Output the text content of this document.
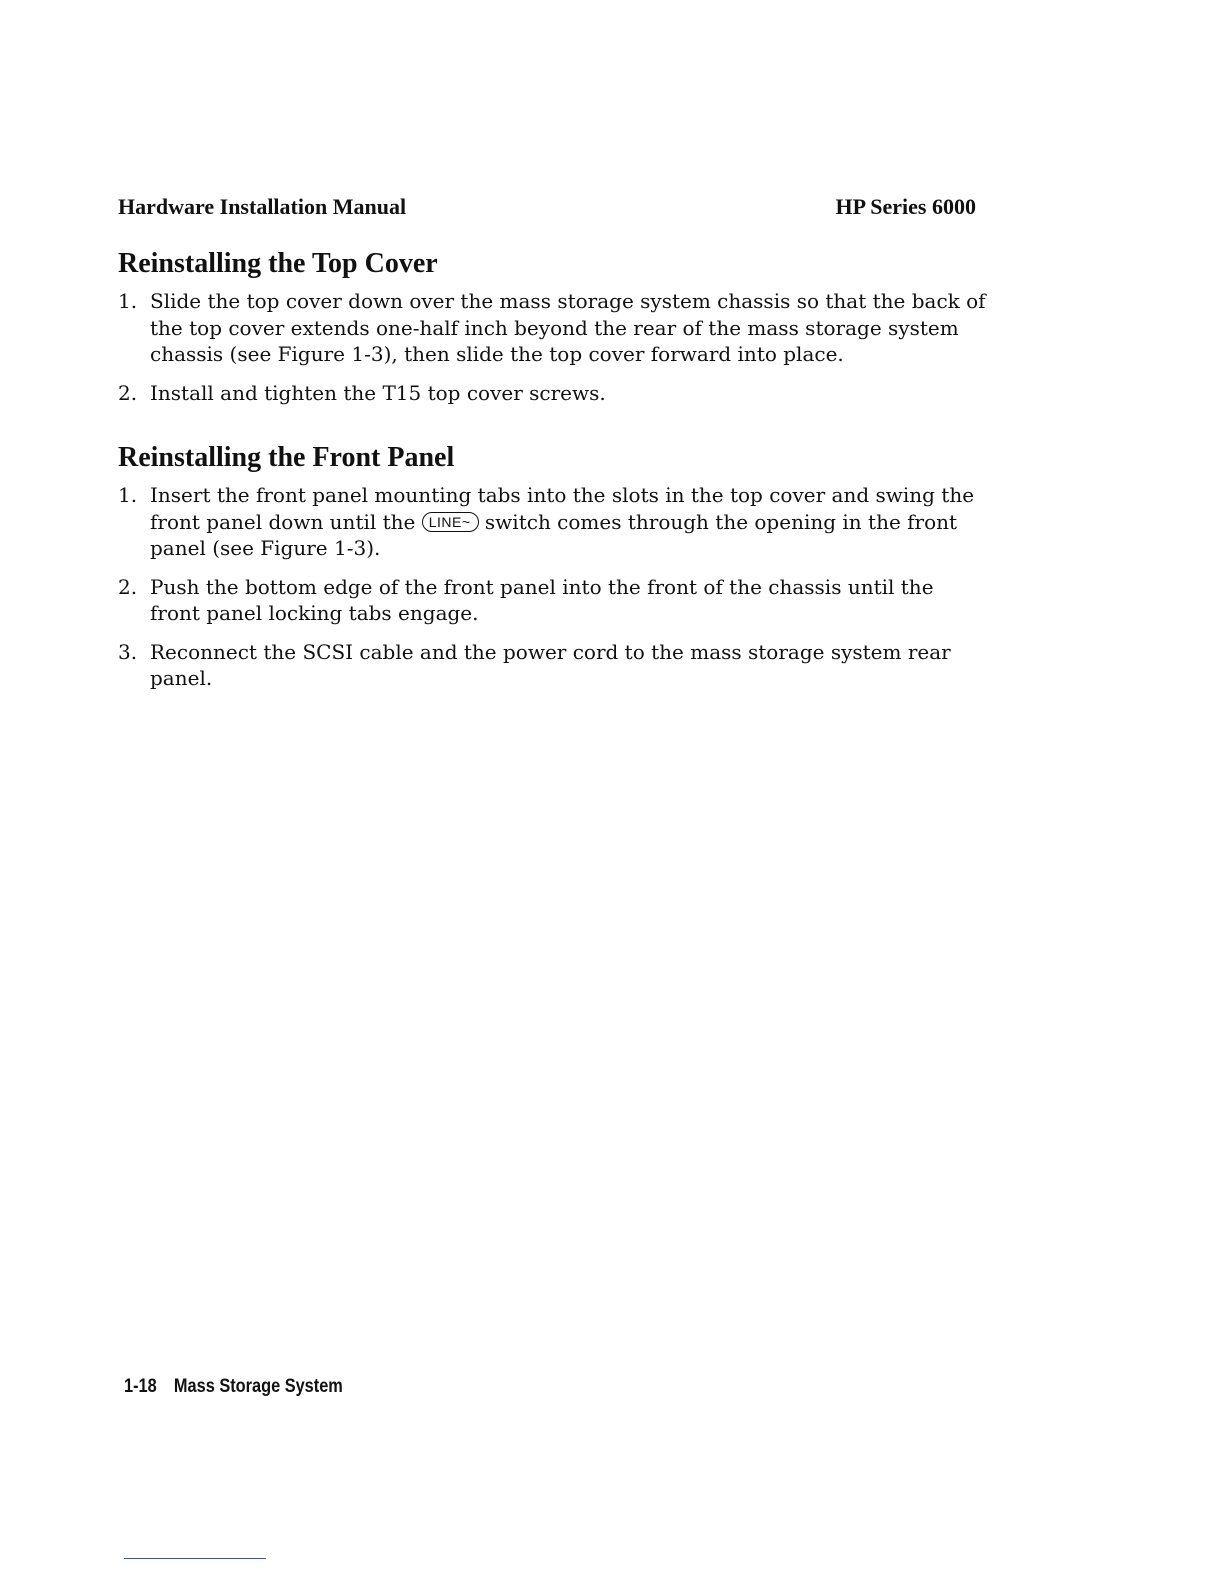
Hardware Installation Manual	HP Series 6000
Reinstalling the Top Cover
1. Slide the top cover down over the mass storage system chassis so that the back of the top cover extends one-half inch beyond the rear of the mass storage system chassis (see Figure 1-3), then slide the top cover forward into place.
2. Install and tighten the T15 top cover screws.
Reinstalling the Front Panel
1. Insert the front panel mounting tabs into the slots in the top cover and swing the front panel down until the LINE~ switch comes through the opening in the front panel (see Figure 1-3).
2. Push the bottom edge of the front panel into the front of the chassis until the front panel locking tabs engage.
3. Reconnect the SCSI cable and the power cord to the mass storage system rear panel.
1-18 Mass Storage System
